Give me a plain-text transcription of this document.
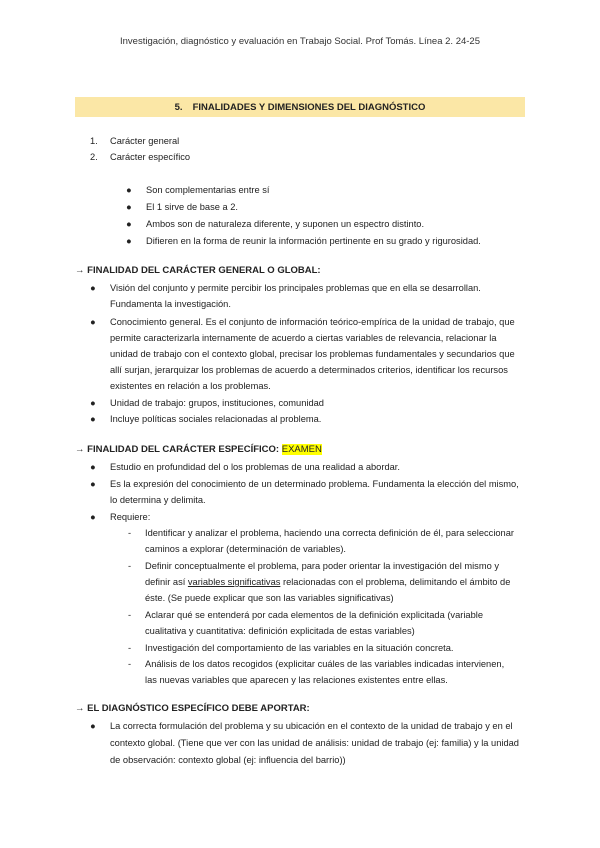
Investigación, diagnóstico y evaluación en Trabajo Social. Prof Tomás. Línea 2. 24-25
5. FINALIDADES Y DIMENSIONES DEL DIAGNÓSTICO
1. Carácter general
2. Carácter específico
● Son complementarias entre sí
● El 1 sirve de base a 2.
● Ambos son de naturaleza diferente, y suponen un espectro distinto.
● Difieren en la forma de reunir la información pertinente en su grado y rigurosidad.
→ FINALIDAD DEL CARÁCTER GENERAL O GLOBAL:
● Visión del conjunto y permite percibir los principales problemas que en ella se desarrollan.
Fundamenta la investigación.
● Conocimiento general. Es el conjunto de información teórico-empírica de la unidad de trabajo, que
permite caracterizarla internamente de acuerdo a ciertas variables de relevancia, relacionar la
unidad de trabajo con el contexto global, precisar los problemas fundamentales y secundarios que
allí surjan, jerarquizar los problemas de acuerdo a determinados criterios, identificar los recursos
existentes en relación a los problemas.
● Unidad de trabajo: grupos, instituciones, comunidad
● Incluye políticas sociales relacionadas al problema.
→ FINALIDAD DEL CARÁCTER ESPECÍFICO: EXAMEN
● Estudio en profundidad del o los problemas de una realidad a abordar.
● Es la expresión del conocimiento de un determinado problema. Fundamenta la elección del mismo,
lo determina y delimita.
● Requiere:
- Identificar y analizar el problema, haciendo una correcta definición de él, para seleccionar
caminos a explorar (determinación de variables).
- Definir conceptualmente el problema, para poder orientar la investigación del mismo y
definir así variables significativas relacionadas con el problema, delimitando el ámbito de
éste. (Se puede explicar que son las variables significativas)
- Aclarar qué se entenderá por cada elementos de la definición explicitada (variable
cualitativa y cuantitativa: definición explicitada de estas variables)
- Investigación del comportamiento de las variables en la situación concreta.
- Análisis de los datos recogidos (explicitar cuáles de las variables indicadas intervienen,
las nuevas variables que aparecen y las relaciones existentes entre ellas.
→ EL DIAGNÓSTICO ESPECÍFICO DEBE APORTAR:
● La correcta formulación del problema y su ubicación en el contexto de la unidad de trabajo y en el
contexto global. (Tiene que ver con las unidad de análisis: unidad de trabajo (ej: familia) y la unidad
de observación: contexto global (ej: influencia del barrio))
